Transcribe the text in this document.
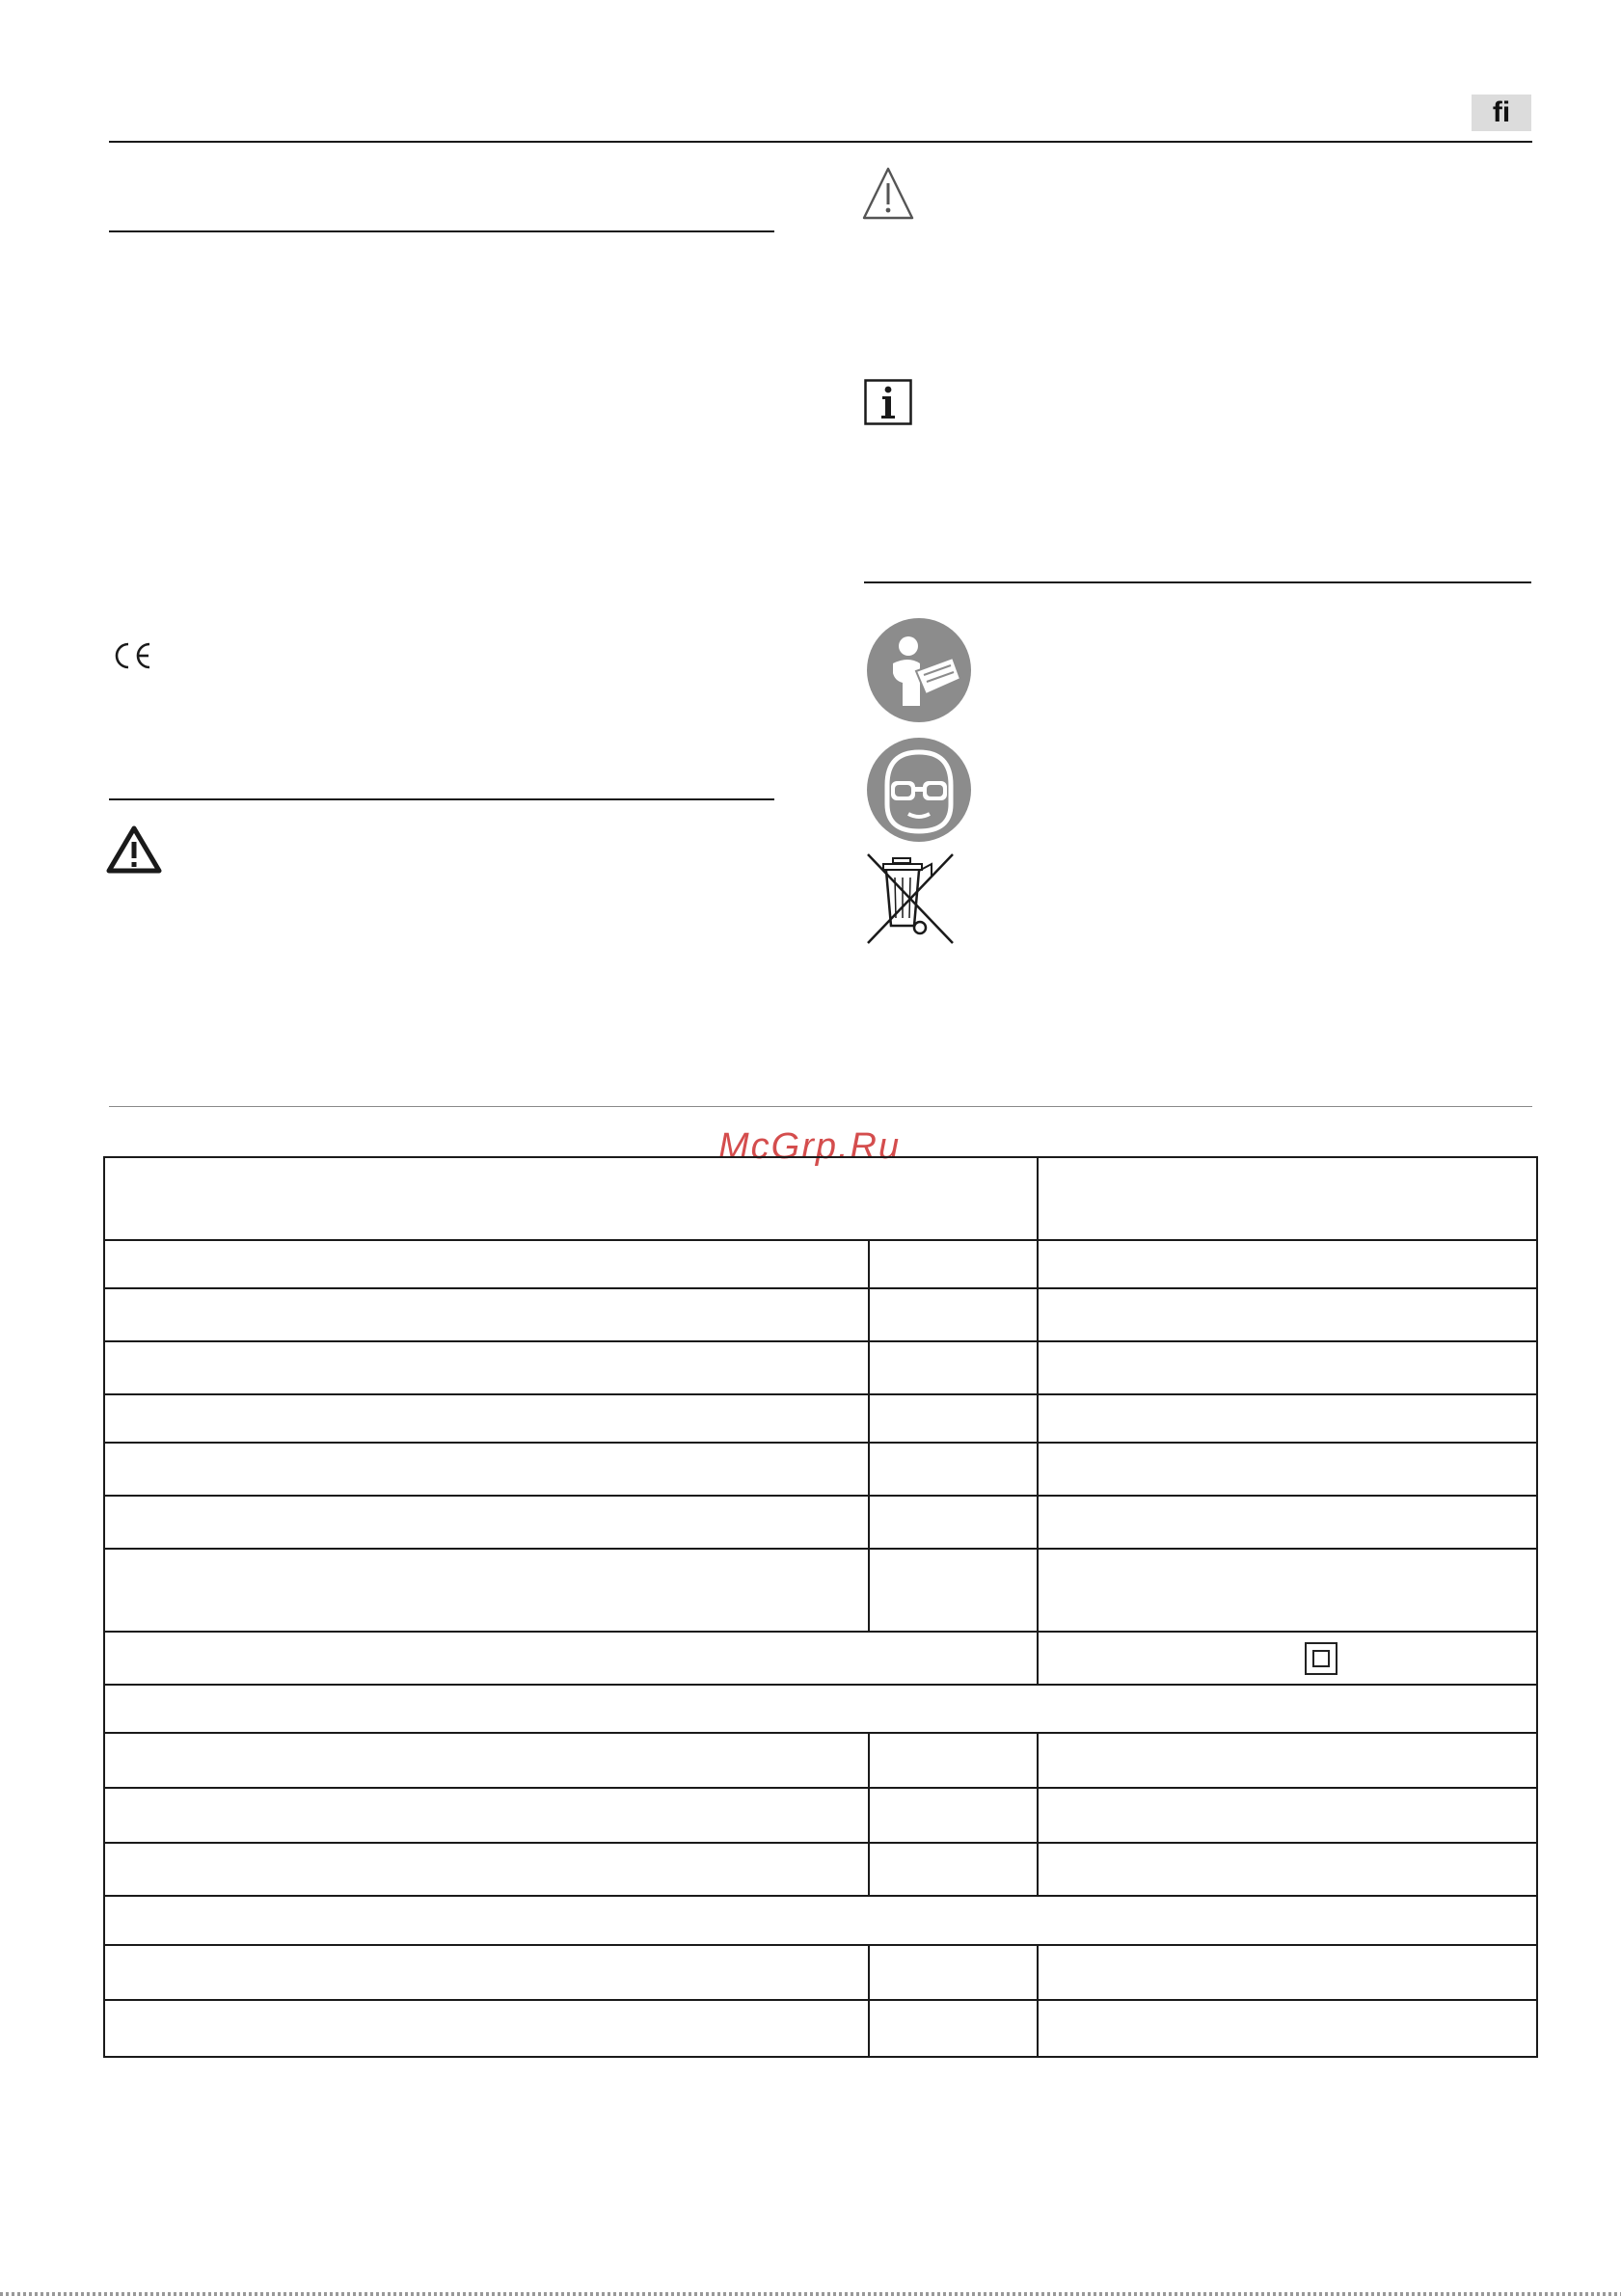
fi
McGrp.Ru
